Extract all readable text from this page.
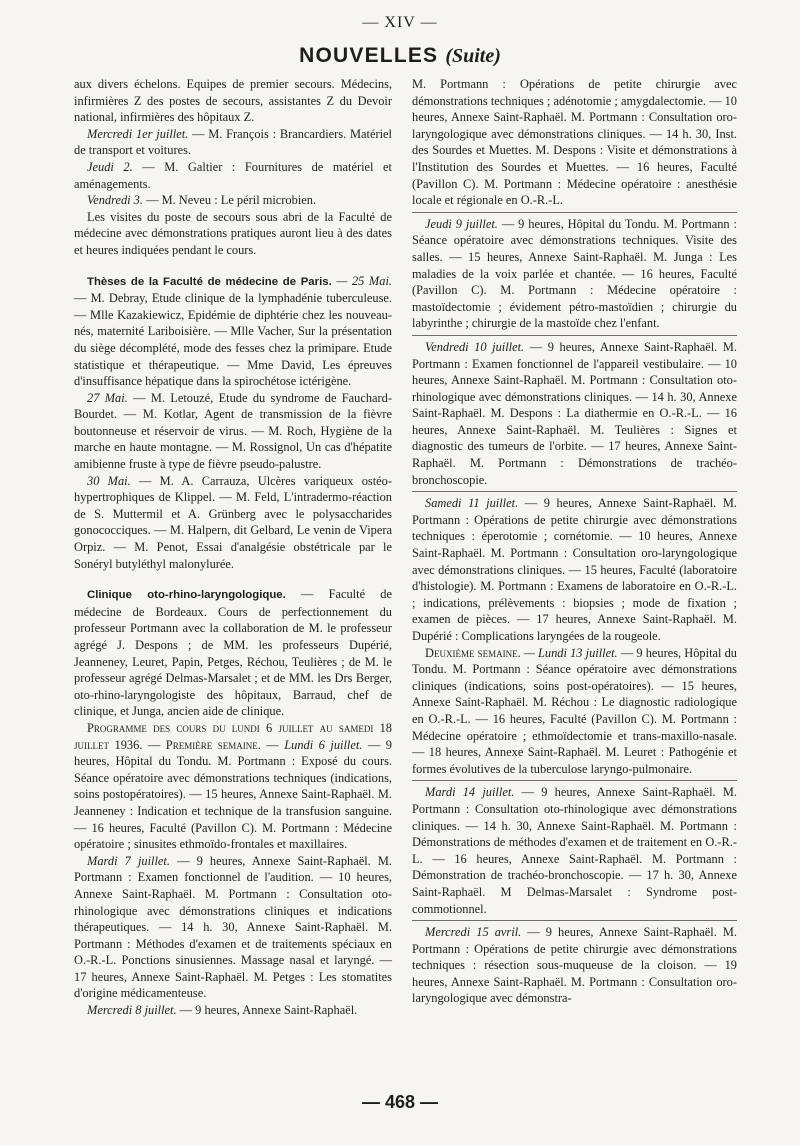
— XIV —
NOUVELLES (Suite)

aux divers échelons. Equipes de premier secours. Médecins, infirmières Z des postes de secours, assistantes Z du Devoir national, infirmières des hôpitaux Z.

Mercredi 1er juillet. — M. François : Brancardiers. Matériel de transport et voitures.

Jeudi 2. — M. Galtier : Fournitures de matériel et aménagements.

Vendredi 3. — M. Neveu : Le péril microbien.

Les visites du poste de secours sous abri de la Faculté de médecine avec démonstrations pratiques auront lieu à des dates et heures indiquées pendant le cours.

Thèses de la Faculté de médecine de Paris. — 25 Mai. — M. Debray, Etude clinique de la lymphadénie tuberculeuse. — Mlle Kazakiewicz, Epidémie de diphtérie chez les nouveau-nés, maternité Lariboisière. — Mlle Vacher, Sur la présentation du siège décomplété, mode des fesses chez la primipare. Etude statistique et thérapeutique. — Mme David, Les épreuves d'insuffisance hépatique dans la spirochétose ictérigène.

27 Mai. — M. Letouzé, Etude du syndrome de Fauchard-Bourdet. — M. Kotlar, Agent de transmission de la fièvre boutonneuse et réservoir de virus. — M. Roch, Hygiène de la marche en haute montagne. — M. Rossignol, Un cas d'hépatite amibienne fruste à type de fièvre pseudo-palustre.

30 Mai. — M. A. Carrauza, Ulcères variqueux ostéo-hypertrophiques de Klippel. — M. Feld, L'intradermo-réaction de S. Muttermil et A. Grünberg avec le polysaccharides gonococciques. — M. Halpern, dit Gelbard, Le venin de Vipera Orpiz. — M. Penot, Essai d'analgésie obstétricale par le Sonéryl butyléthyl malonylurée.

Clinique oto-rhino-laryngologique. — Faculté de médecine de Bordeaux. Cours de perfectionnement du professeur Portmann avec la collaboration de M. le professeur agrégé J. Despons ; de MM. les professeurs Dupérié, Jeanneney, Leuret, Papin, Petges, Réchou, Teulières ; de M. le professeur agrégé Delmas-Marsalet ; et de MM. les Drs Berger, oto-rhino-laryngologiste des hôpitaux, Barraud, chef de clinique, et Junga, ancien aide de clinique.

Programme des cours du lundi 6 juillet au samedi 18 juillet 1936. — Première semaine. — Lundi 6 juillet. — 9 heures, Hôpital du Tondu. M. Portmann : Exposé du cours. Séance opératoire avec démonstrations techniques (indications, soins postopératoires). — 15 heures, Annexe Saint-Raphaël. M. Jeanneney : Indication et technique de la transfusion sanguine. — 16 heures, Faculté (Pavillon C). M. Portmann : Médecine opératoire ; sinusites ethmoïdo-frontales et maxillaires.

Mardi 7 juillet. — 9 heures, Annexe Saint-Raphaël. M. Portmann : Examen fonctionnel de l'audition. — 10 heures, Annexe Saint-Raphaël. M. Portmann : Consultation oto-rhinologique avec démonstrations cliniques et indications thérapeutiques. — 14 h. 30, Annexe Saint-Raphaël. M. Portmann : Méthodes d'examen et de traitements spéciaux en O.-R.-L. Ponctions sinusiennes. Massage nasal et laryngé. — 17 heures, Annexe Saint-Raphaël. M. Petges : Les stomatites d'origine médicamenteuse.

Mercredi 8 juillet. — 9 heures, Annexe Saint-Raphaël.

M. Portmann : Opérations de petite chirurgie avec démonstrations techniques ; adénotomie ; amygdalectomie. — 10 heures, Annexe Saint-Raphaël. M. Portmann : Consultation oro-laryngologique avec démonstrations cliniques. — 14 h. 30, Inst. des Sourdes et Muettes. M. Despons : Visite et démonstrations à l'Institution des Sourdes et Muettes. — 16 heures, Faculté (Pavillon C). M. Portmann : Médecine opératoire : anesthésie locale et régionale en O.-R.-L.

Jeudi 9 juillet. — 9 heures, Hôpital du Tondu. M. Portmann : Séance opératoire avec démonstrations techniques. Visite des salles. — 15 heures, Annexe Saint-Raphaël. M. Junga : Les maladies de la voix parlée et chantée. — 16 heures, Faculté (Pavillon C). M. Portmann : Médecine opératoire : mastoïdectomie ; évidement pétro-mastoïdien ; chirurgie du labyrinthe ; chirurgie de la mastoïde chez l'enfant.

Vendredi 10 juillet. — 9 heures, Annexe Saint-Raphaël. M. Portmann : Examen fonctionnel de l'appareil vestibulaire. — 10 heures, Annexe Saint-Raphaël. M. Portmann : Consultation oto-rhinologique avec démonstrations cliniques. — 14 h. 30, Annexe Saint-Raphaël. M. Despons : La diathermie en O.-R.-L. — 16 heures, Annexe Saint-Raphaël. M. Teulières : Signes et diagnostic des tumeurs de l'orbite. — 17 heures, Annexe Saint-Raphaël. M. Portmann : Démonstrations de trachéo-bronchoscopie.

Samedi 11 juillet. — 9 heures, Annexe Saint-Raphaël. M. Portmann : Opérations de petite chirurgie avec démonstrations techniques : éperotomie ; cornétomie. — 10 heures, Annexe Saint-Raphaël. M. Portmann : Consultation oro-laryngologique avec démonstrations cliniques. — 15 heures, Faculté (laboratoire d'histologie). M. Portmann : Examens de laboratoire en O.-R.-L. ; indications, prélèvements : biopsies ; mode de fixation ; examen de pièces. — 17 heures, Annexe Saint-Raphaël. M. Dupérié : Complications laryngées de la rougeole.

Deuxième semaine. — Lundi 13 juillet. — 9 heures, Hôpital du Tondu. M. Portmann : Séance opératoire avec démonstrations cliniques (indications, soins post-opératoires). — 15 heures, Annexe Saint-Raphaël. M. Réchou : Le diagnostic radiologique en O.-R.-L. — 16 heures, Faculté (Pavillon C). M. Portmann : Médecine opératoire ; ethmoïdectomie et trans-maxillo-nasale. — 18 heures, Annexe Saint-Raphaël. M. Leuret : Pathogénie et formes évolutives de la tuberculose laryngo-pulmonaire.

Mardi 14 juillet. — 9 heures, Annexe Saint-Raphaël. M. Portmann : Consultation oto-rhinologique avec démonstrations cliniques. — 14 h. 30, Annexe Saint-Raphaël. M. Portmann : Démonstrations de méthodes d'examen et de traitement en O.-R.-L. — 16 heures, Annexe Saint-Raphaël. M. Portmann : Démonstration de trachéo-bronchoscopie. — 17 h. 30, Annexe Saint-Raphaël. M Delmas-Marsalet : Syndrome post-commotionnel.

Mercredi 15 avril. — 9 heures, Annexe Saint-Raphaël. M. Portmann : Opérations de petite chirurgie avec démonstrations techniques : résection sous-muqueuse de la cloison. — 19 heures, Annexe Saint-Raphaël. M. Portmann : Consultation oro-laryngologique avec démonstra-

— 468 —
